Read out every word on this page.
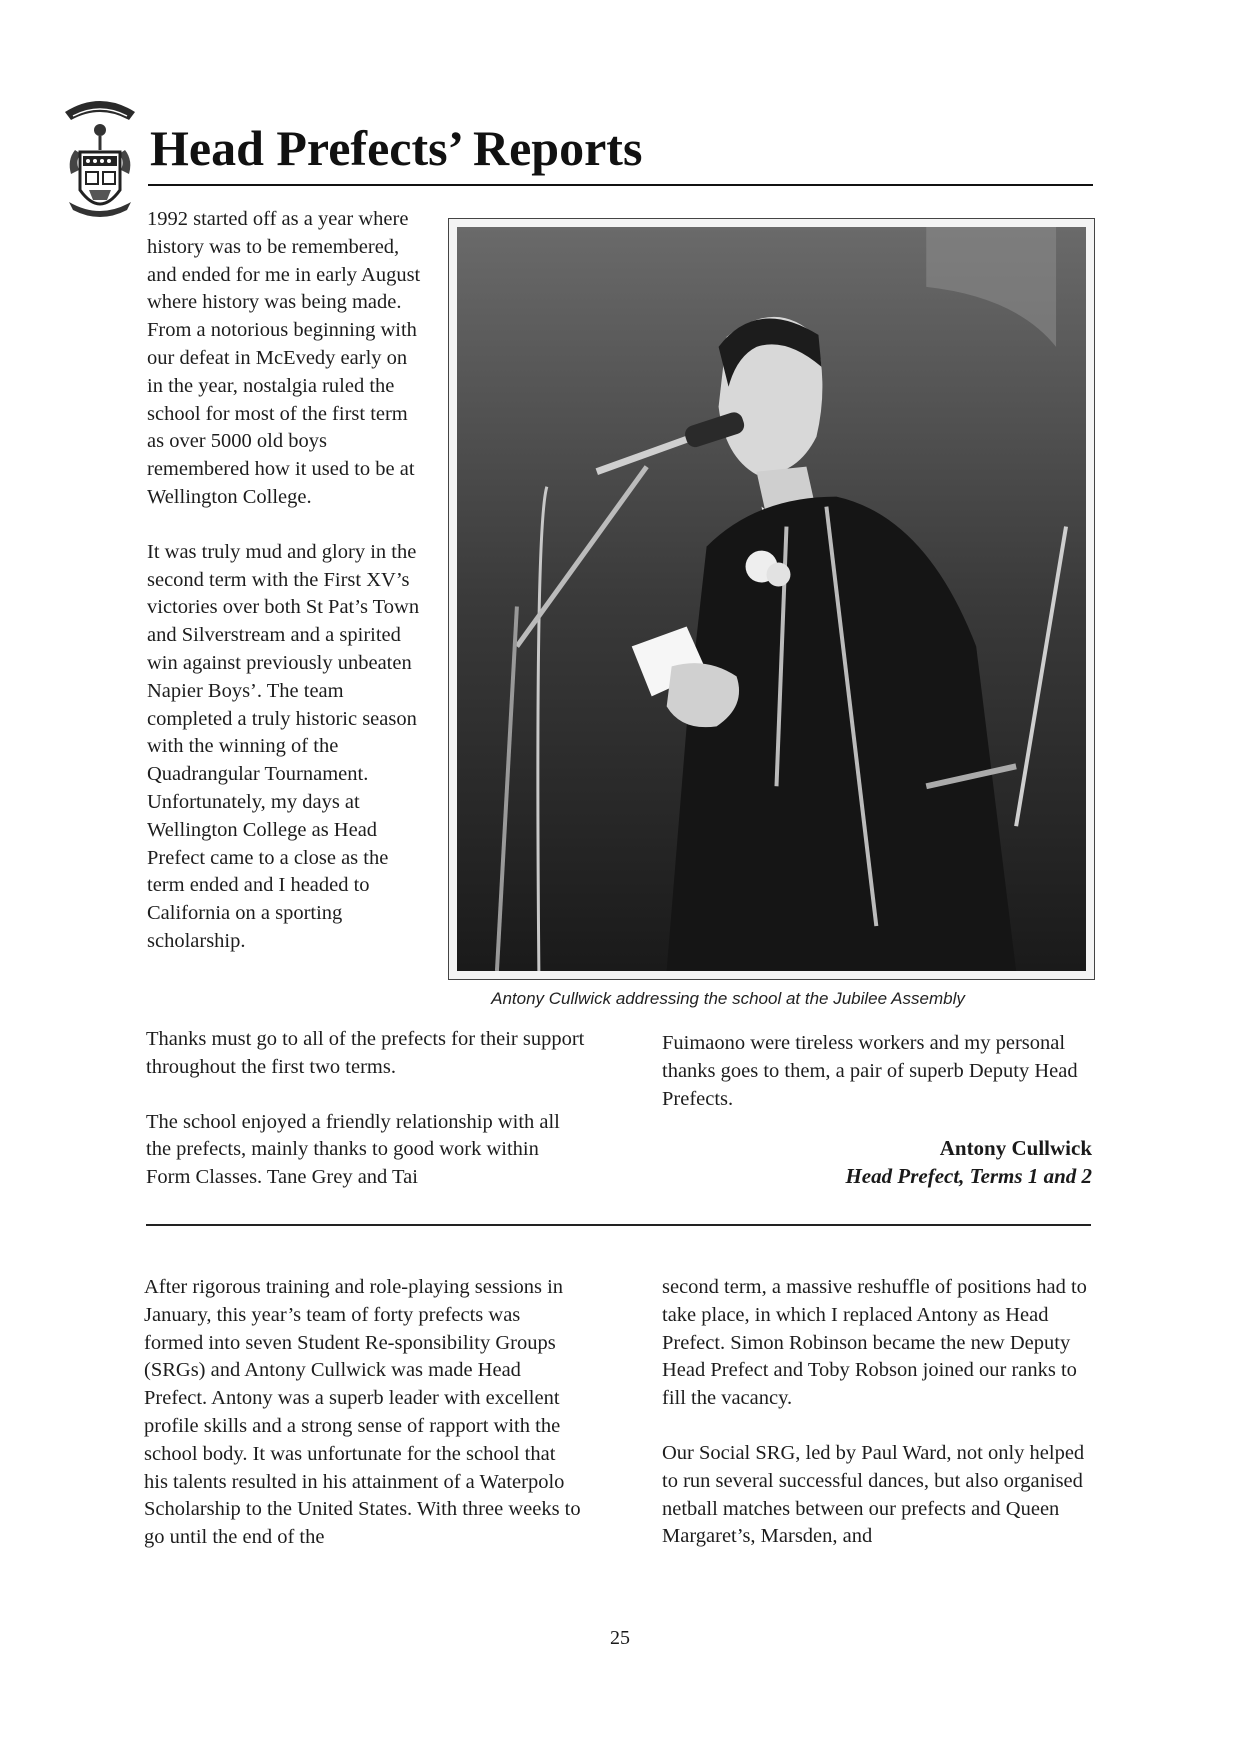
Head Prefects’ Reports

1992 started off as a year where history was to be remembered, and ended for me in early August where history was being made. From a notorious beginning with our defeat in McEvedy early on in the year, nostalgia ruled the school for most of the first term as over 5000 old boys remembered how it used to be at Wellington College.

It was truly mud and glory in the second term with the First XV’s victories over both St Pat’s Town and Silverstream and a spirited win against previously unbeaten Napier Boys’. The team completed a truly historic season with the winning of the Quadrangular Tournament. Unfortunately, my days at Wellington College as Head Prefect came to a close as the term ended and I headed to California on a sporting scholarship.

Antony Cullwick addressing the school at the Jubilee Assembly

Thanks must go to all of the prefects for their support throughout the first two terms.

The school enjoyed a friendly relationship with all the prefects, mainly thanks to good work within Form Classes. Tane Grey and Tai

Fuimaono were tireless workers and my personal thanks goes to them, a pair of superb Deputy Head Prefects.

Antony Cullwick
Head Prefect, Terms 1 and 2

After rigorous training and role-playing sessions in January, this year’s team of forty prefects was formed into seven Student Re-sponsibility Groups (SRGs) and Antony Cullwick was made Head Prefect. Antony was a superb leader with excellent profile skills and a strong sense of rapport with the school body. It was unfortunate for the school that his talents resulted in his attainment of a Waterpolo Scholarship to the United States. With three weeks to go until the end of the

second term, a massive reshuffle of positions had to take place, in which I replaced Antony as Head Prefect. Simon Robinson became the new Deputy Head Prefect and Toby Robson joined our ranks to fill the vacancy.

Our Social SRG, led by Paul Ward, not only helped to run several successful dances, but also organised netball matches between our prefects and Queen Margaret’s, Marsden, and

25
